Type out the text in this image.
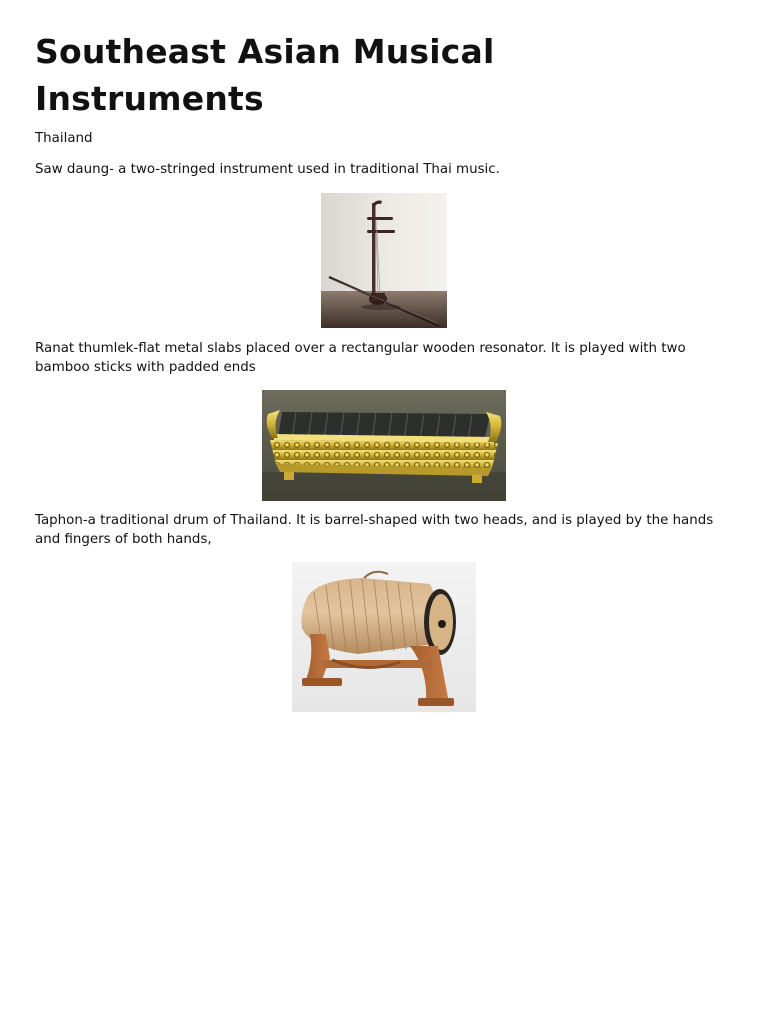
Southeast Asian Musical Instruments

Thailand

Saw daung- a two-stringed instrument used in traditional Thai music.

Ranat thumlek-flat metal slabs placed over a rectangular wooden resonator. It is played with two bamboo sticks with padded ends

Taphon-a traditional drum of Thailand. It is barrel-shaped with two heads, and is played by the hands and fingers of both hands,
